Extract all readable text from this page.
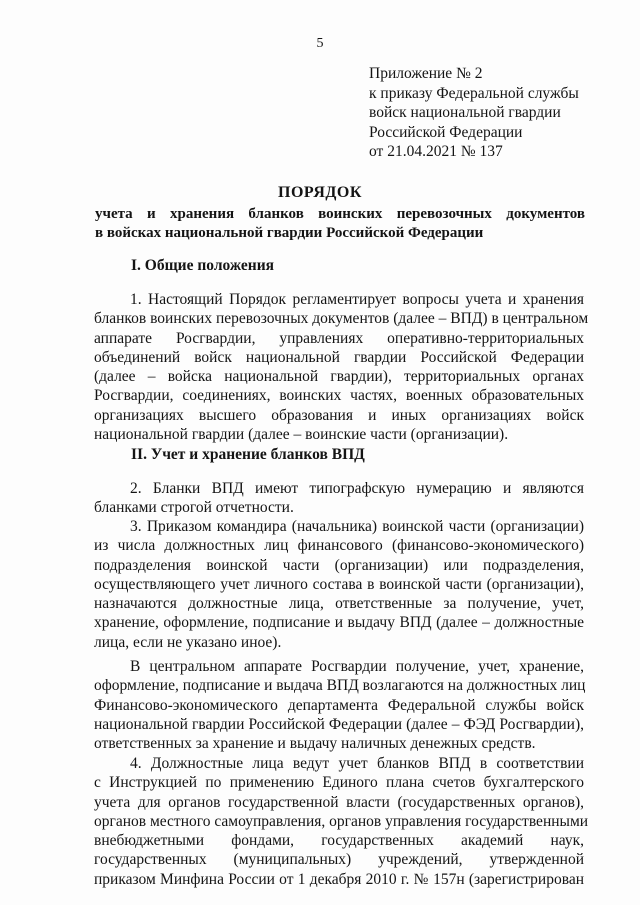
5
Приложение № 2
к приказу Федеральной службы
войск национальной гвардии
Российской Федерации
от 21.04.2021 № 137
ПОРЯДОК
учета и хранения бланков воинских перевозочных документов
в войсках национальной гвардии Российской Федерации
I. Общие положения
1. Настоящий Порядок регламентирует вопросы учета и хранения
бланков воинских перевозочных документов (далее – ВПД) в центральном
аппарате Росгвардии, управлениях оперативно-территориальных
объединений войск национальной гвардии Российской Федерации
(далее – войска национальной гвардии), территориальных органах
Росгвардии, соединениях, воинских частях, военных образовательных
организациях высшего образования и иных организациях войск
национальной гвардии (далее – воинские части (организации).
II. Учет и хранение бланков ВПД
2. Бланки ВПД имеют типографскую нумерацию и являются
бланками строгой отчетности.
3. Приказом командира (начальника) воинской части (организации)
из числа должностных лиц финансового (финансово-экономического)
подразделения воинской части (организации) или подразделения,
осуществляющего учет личного состава в воинской части (организации),
назначаются должностные лица, ответственные за получение, учет,
хранение, оформление, подписание и выдачу ВПД (далее – должностные
лица, если не указано иное).
В центральном аппарате Росгвардии получение, учет, хранение,
оформление, подписание и выдача ВПД возлагаются на должностных лиц
Финансово-экономического департамента Федеральной службы войск
национальной гвардии Российской Федерации (далее – ФЭД Росгвардии),
ответственных за хранение и выдачу наличных денежных средств.
4. Должностные лица ведут учет бланков ВПД в соответствии
с Инструкцией по применению Единого плана счетов бухгалтерского
учета для органов государственной власти (государственных органов),
органов местного самоуправления, органов управления государственными
внебюджетными фондами, государственных академий наук,
государственных (муниципальных) учреждений, утвержденной
приказом Минфина России от 1 декабря 2010 г. № 157н (зарегистрирован
